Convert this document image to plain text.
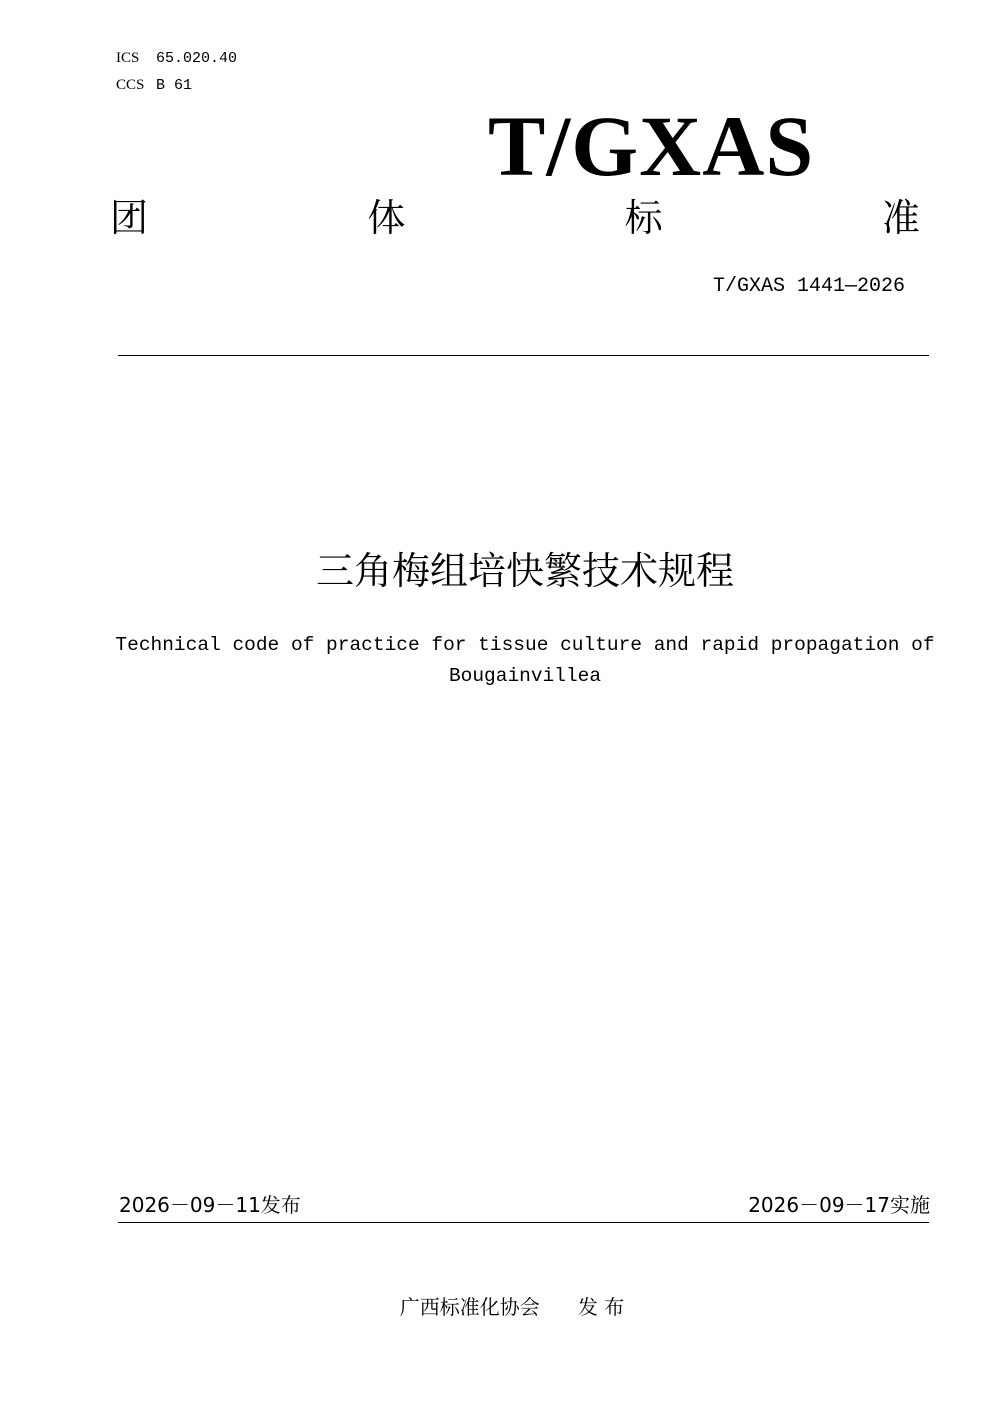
ICS 65.020.40
CCS B 61
T/GXAS
团	体	标	准
T/GXAS 1441—2026
三角梅组培快繁技术规程
Technical code of practice for tissue culture and rapid propagation of Bougainvillea
2026－09－11发布	2026－09－17实施
广西标准化协会 发 布
